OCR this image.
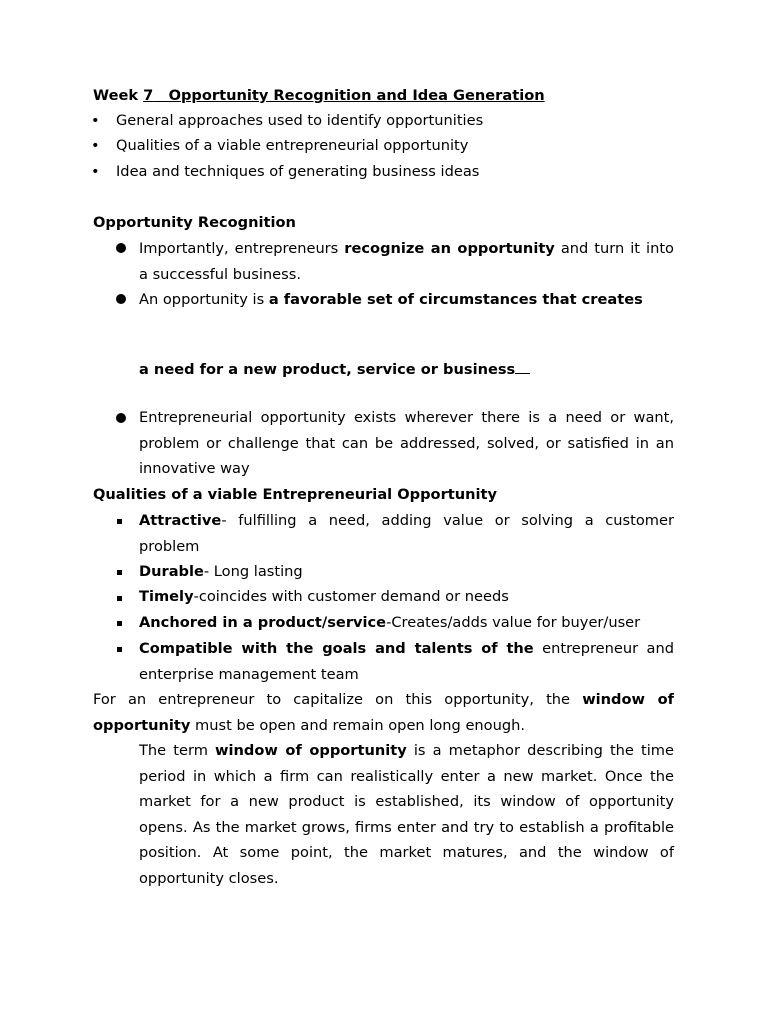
Week 7 Opportunity Recognition and Idea Generation
• General approaches used to identify opportunities
• Qualities of a viable entrepreneurial opportunity
• Idea and techniques of generating business ideas
Opportunity Recognition
Importantly, entrepreneurs recognize an opportunity and turn it into a successful business.
An opportunity is a favorable set of circumstances that creates
a need for a new product, service or business
Entrepreneurial opportunity exists wherever there is a need or want, problem or challenge that can be addressed, solved, or satisfied in an innovative way
Qualities of a viable Entrepreneurial Opportunity
Attractive- fulfilling a need, adding value or solving a customer problem
Durable- Long lasting
Timely-coincides with customer demand or needs
Anchored in a product/service-Creates/adds value for buyer/user
Compatible with the goals and talents of the entrepreneur and enterprise management team
For an entrepreneur to capitalize on this opportunity, the window of opportunity must be open and remain open long enough.
The term window of opportunity is a metaphor describing the time period in which a firm can realistically enter a new market. Once the market for a new product is established, its window of opportunity opens. As the market grows, firms enter and try to establish a profitable position. At some point, the market matures, and the window of opportunity closes.
